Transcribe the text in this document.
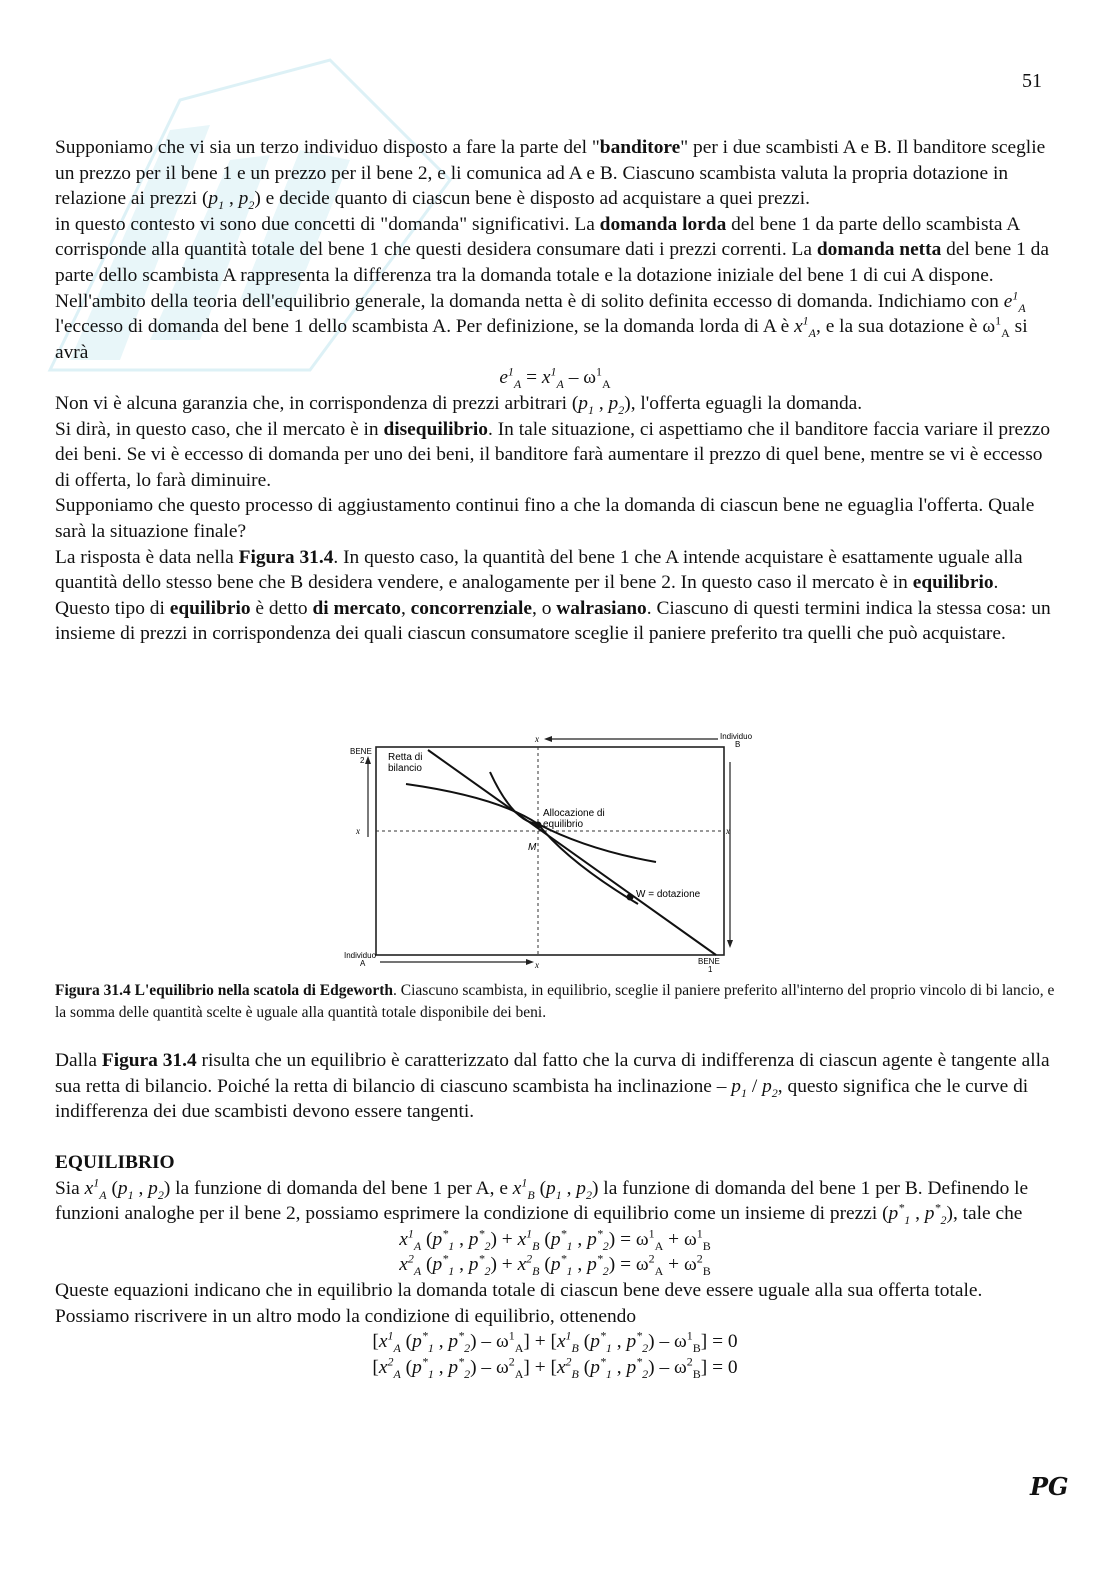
51

Supponiamo che vi sia un terzo individuo disposto a fare la parte del "banditore" per i due scambisti A e B. Il banditore sceglie un prezzo per il bene 1 e un prezzo per il bene 2, e li comunica ad A e B. Ciascuno scambista valuta la propria dotazione in relazione ai prezzi ($p_1$ , $p_2$) e decide quanto di ciascun bene è disposto ad acquistare a quei prezzi.

in questo contesto vi sono due concetti di "domanda" significativi. La domanda lorda del bene 1 da parte dello scambista A corrisponde alla quantità totale del bene 1 che questi desidera consumare dati i prezzi correnti. La domanda netta del bene 1 da parte dello scambista A rappresenta la differenza tra la domanda totale e la dotazione iniziale del bene 1 di cui A dispone.

Nell'ambito della teoria dell'equilibrio generale, la domanda netta è di solito definita eccesso di domanda. Indichiamo con $e^1_A$ l'eccesso di domanda del bene 1 dello scambista A. Per definizione, se la domanda lorda di A è $x^1_A$, e la sua dotazione è $\omega^1_A$ si avrà

$e^1_A = x^1_A - \omega^1_A$

Non vi è alcuna garanzia che, in corrispondenza di prezzi arbitrari ($p_1$ , $p_2$), l'offerta eguagli la domanda.

Si dirà, in questo caso, che il mercato è in disequilibrio. In tale situazione, ci aspettiamo che il banditore faccia variare il prezzo dei beni. Se vi è eccesso di domanda per uno dei beni, il banditore farà aumentare il prezzo di quel bene, mentre se vi è eccesso di offerta, lo farà diminuire.

Supponiamo che questo processo di aggiustamento continui fino a che la domanda di ciascun bene ne eguaglia l'offerta. Quale sarà la situazione finale?

La risposta è data nella Figura 31.4. In questo caso, la quantità del bene 1 che A intende acquistare è esattamente uguale alla quantità dello stesso bene che B desidera vendere, e analogamente per il bene 2. In questo caso il mercato è in equilibrio. Questo tipo di equilibrio è detto di mercato, concorrenziale, o walrasiano. Ciascuno di questi termini indica la stessa cosa: un insieme di prezzi in corrispondenza dei quali ciascun consumatore sceglie il paniere preferito tra quelli che può acquistare.

BENE
2 Retta di
bilancio
Allocazione di
equilibrio
M
W = dotazione
x	x
x
x
Individuo
A
Individuo
B
BENE
1
Figura 31.4 L'equilibrio nella scatola di Edgeworth. Ciascuno scambista, in equilibrio, sceglie il paniere preferito all'interno del proprio vincolo di bi lancio, e la somma delle quantità scelte è uguale alla quantità totale disponibile dei beni.

Dalla Figura 31.4 risulta che un equilibrio è caratterizzato dal fatto che la curva di indifferenza di ciascun agente è tangente alla sua retta di bilancio. Poiché la retta di bilancio di ciascuno scambista ha inclinazione – $p_1 / p_2$, questo significa che le curve di indifferenza dei due scambisti devono essere tangenti.

EQUILIBRIO

Sia $x^1_A$ ($p_1$ , $p_2$) la funzione di domanda del bene 1 per A, e $x^1_B$ ($p_1$ , $p_2$) la funzione di domanda del bene 1 per B. Definendo le funzioni analoghe per il bene 2, possiamo esprimere la condizione di equilibrio come un insieme di prezzi ($p^*_1$ , $p^*_2$), tale che

$x^1_A$ ($p^*_1$ , $p^*_2) + x^1_B$ ($p^*_1$ , $p^*_2) = \omega^1_A + \omega^1_B$
$x^2_A$ ($p^*_1$ , $p^*_2) + x^2_B$ ($p^*_1$ , $p^*_2) = \omega^2_A + \omega^2_B$

Queste equazioni indicano che in equilibrio la domanda totale di ciascun bene deve essere uguale alla sua offerta totale. Possiamo riscrivere in un altro modo la condizione di equilibrio, ottenendo

[$x^1_A$ ($p^*_1$ , $p^*_2) - \omega^1_A] + [x^1_B$ ($p^*_1$ , $p^*_2) - \omega^1_B] = 0$
[$x^2_A$ ($p^*_1$ , $p^*_2) - \omega^2_A] + [x^2_B$ ($p^*_1$ , $p^*_2) - \omega^2_B] = 0$
PG
